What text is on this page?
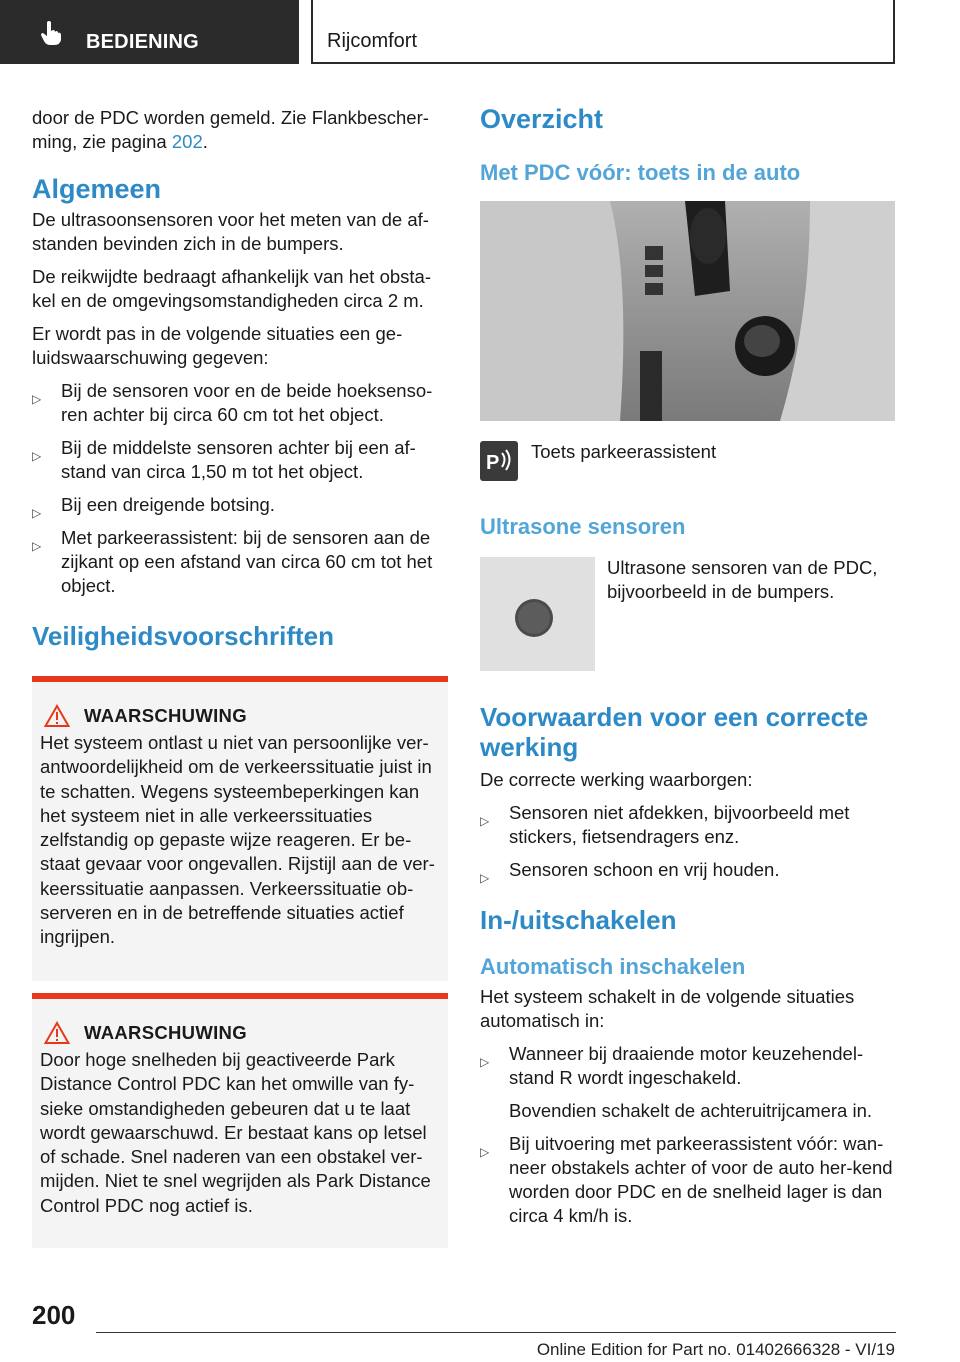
BEDIENING	Rijcomfort

door de PDC worden gemeld. Zie Flankbescher-ming, zie pagina 202.

Algemeen

De ultrasoonsensoren voor het meten van de af-standen bevinden zich in de bumpers.

De reikwijdte bedraagt afhankelijk van het obsta-kel en de omgevingsomstandigheden circa 2 m.

Er wordt pas in de volgende situaties een ge-luidswaarschuwing gegeven:

▷ Bij de sensoren voor en de beide hoeksenso-ren achter bij circa 60 cm tot het object.
▷ Bij de middelste sensoren achter bij een af-stand van circa 1,50 m tot het object.
▷ Bij een dreigende botsing.
▷ Met parkeerassistent: bij de sensoren aan de zijkant op een afstand van circa 60 cm tot het object.
Veiligheidsvoorschriften
WAARSCHUWING

Het systeem ontlast u niet van persoonlijke ver-antwoordelijkheid om de verkeerssituatie juist in te schatten. Wegens systeembeperkingen kan het systeem niet in alle verkeerssituaties zelfstandig op gepaste wijze reageren. Er be-staat gevaar voor ongevallen. Rijstijl aan de ver-keerssituatie aanpassen. Verkeerssituatie ob-serveren en in de betreffende situaties actief ingrijpen.

WAARSCHUWING

Door hoge snelheden bij geactiveerde Park Distance Control PDC kan het omwille van fy-sieke omstandigheden gebeuren dat u te laat wordt gewaarschuwd. Er bestaat kans op letsel of schade. Snel naderen van een obstakel ver-mijden. Niet te snel wegrijden als Park Distance Control PDC nog actief is.

Overzicht
Met PDC vóór: toets in de auto
P

Toets parkeerassistent

Ultrasone sensoren

Ultrasone sensoren van de PDC, bijvoorbeeld in de bumpers.

Voorwaarden voor een correcte werking

De correcte werking waarborgen:

▷ Sensoren niet afdekken, bijvoorbeeld met stickers, fietsendragers enz.
▷ Sensoren schoon en vrij houden.
In-/uitschakelen
Automatisch inschakelen

Het systeem schakelt in de volgende situaties automatisch in:

▷ Wanneer bij draaiende motor keuzehendel-stand R wordt ingeschakeld.
Bovendien schakelt de achteruitrijcamera in.
▷ Bij uitvoering met parkeerassistent vóór: wan-neer obstakels achter of voor de auto her-kend worden door PDC en de snelheid lager is dan circa 4 km/h is.
200
Online Edition for Part no. 01402666328 - VI/19
